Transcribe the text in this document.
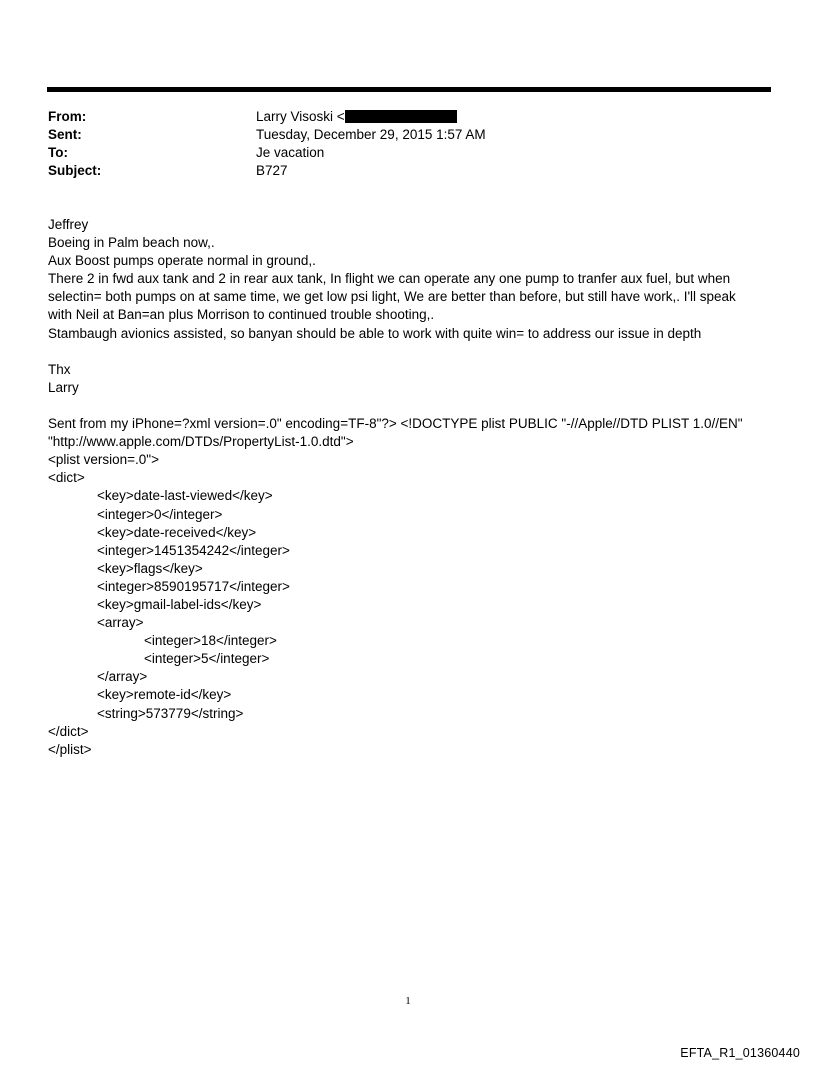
From:	Larry Visoski <
Sent:	Tuesday, December 29, 2015 1:57 AM
To:	Je vacation
Subject:	B727
Jeffrey
Boeing in Palm beach now,.
Aux Boost pumps operate normal in ground,.
There 2 in fwd aux tank and 2 in rear aux tank, In flight we can operate any one pump to tranfer aux fuel, but when selectin= both pumps on at same time, we get low psi light, We are better than before, but still have work,. I'll speak with Neil at Ban=an plus Morrison to continued trouble shooting,.
Stambaugh avionics assisted, so banyan should be able to work with quite win= to address our issue in depth
Thx
Larry
Sent from my iPhone=?xml version=.0" encoding=TF-8"?> <!DOCTYPE plist PUBLIC "-//Apple//DTD PLIST 1.0//EN" "http://www.apple.com/DTDs/PropertyList-1.0.dtd">
<plist version=.0">
<dict>
<key>date-last-viewed</key>
<integer>0</integer>
<key>date-received</key>
<integer>1451354242</integer>
<key>flags</key>
<integer>8590195717</integer>
<key>gmail-label-ids</key>
<array>
<integer>18</integer>
<integer>5</integer>
</array>
<key>remote-id</key>
<string>573779</string>
</dict>
</plist>
1
EFTA_R1_01360440
